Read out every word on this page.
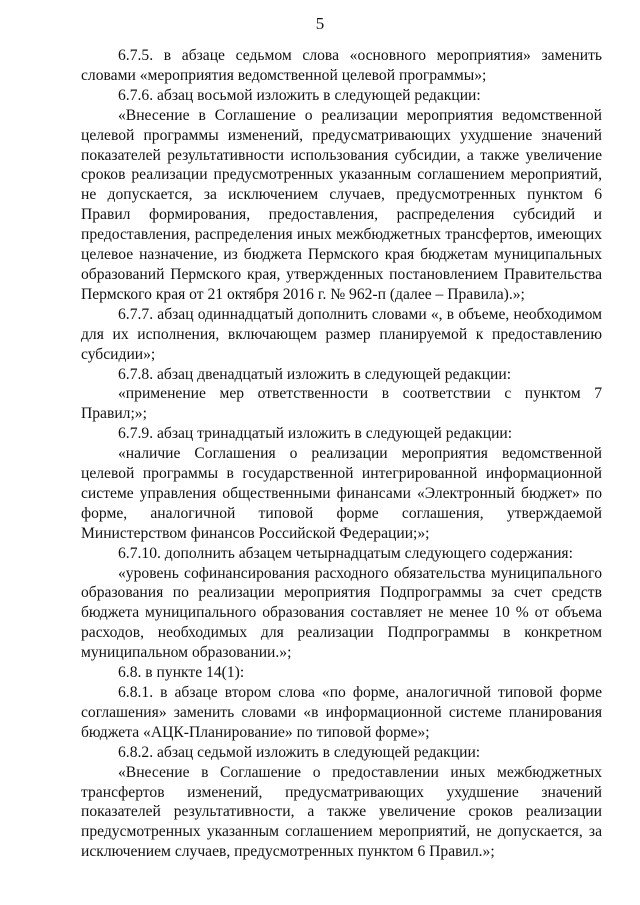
5

6.7.5. в абзаце седьмом слова «основного мероприятия» заменить словами «мероприятия ведомственной целевой программы»;

6.7.6. абзац восьмой изложить в следующей редакции:

«Внесение в Соглашение о реализации мероприятия ведомственной целевой программы изменений, предусматривающих ухудшение значений показателей результативности использования субсидии, а также увеличение сроков реализации предусмотренных указанным соглашением мероприятий, не допускается, за исключением случаев, предусмотренных пунктом 6 Правил формирования, предоставления, распределения субсидий и предоставления, распределения иных межбюджетных трансфертов, имеющих целевое назначение, из бюджета Пермского края бюджетам муниципальных образований Пермского края, утвержденных постановлением Правительства Пермского края от 21 октября 2016 г. № 962-п (далее – Правила).»;

6.7.7. абзац одиннадцатый дополнить словами «, в объеме, необходимом для их исполнения, включающем размер планируемой к предоставлению субсидии»;

6.7.8. абзац двенадцатый изложить в следующей редакции:

«применение мер ответственности в соответствии с пунктом 7 Правил;»;

6.7.9. абзац тринадцатый изложить в следующей редакции:

«наличие Соглашения о реализации мероприятия ведомственной целевой программы в государственной интегрированной информационной системе управления общественными финансами «Электронный бюджет» по форме, аналогичной типовой форме соглашения, утверждаемой Министерством финансов Российской Федерации;»;

6.7.10. дополнить абзацем четырнадцатым следующего содержания:

«уровень софинансирования расходного обязательства муниципального образования по реализации мероприятия Подпрограммы за счет средств бюджета муниципального образования составляет не менее 10 % от объема расходов, необходимых для реализации Подпрограммы в конкретном муниципальном образовании.»;

6.8. в пункте 14(1):

6.8.1. в абзаце втором слова «по форме, аналогичной типовой форме соглашения» заменить словами «в информационной системе планирования бюджета «АЦК-Планирование» по типовой форме»;

6.8.2. абзац седьмой изложить в следующей редакции:

«Внесение в Соглашение о предоставлении иных межбюджетных трансфертов изменений, предусматривающих ухудшение значений показателей результативности, а также увеличение сроков реализации предусмотренных указанным соглашением мероприятий, не допускается, за исключением случаев, предусмотренных пунктом 6 Правил.»;
